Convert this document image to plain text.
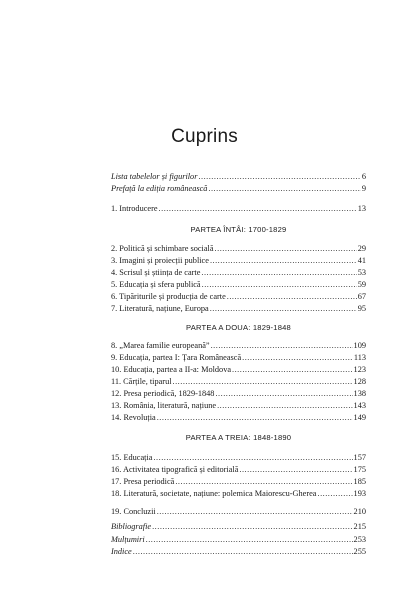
Cuprins
Lista tabelelor și figurilor .....	6
Prefață la ediția românească .....	9
1. Introducere .....	13
PARTEA ÎNTÂI: 1700-1829
2. Politică și schimbare socială .....	29
3. Imagini și proiecții publice .....	41
4. Scrisul și știința de carte .....	53
5. Educația și sfera publică .....	59
6. Tipăriturile și producția de carte .....	67
7. Literatură, națiune, Europa .....	95
PARTEA A DOUA: 1829-1848
8. „Marea familie europeană” .....	109
9. Educația, partea I: Țara Românească .....	113
10. Educația, partea a II-a: Moldova .....	123
11. Cărțile, tiparul .....	128
12. Presa periodică, 1829-1848 .....	138
13. România, literatură, națiune .....	143
14. Revoluția .....	149
PARTEA A TREIA: 1848-1890
15. Educația .....	157
16. Activitatea tipografică și editorială .....	175
17. Presa periodică .....	185
18. Literatură, societate, națiune: polemica Maiorescu-Gherea .....	193
19. Concluzii .....	210
Bibliografie .....	215
Mulțumiri .....	253
Indice .....	255
